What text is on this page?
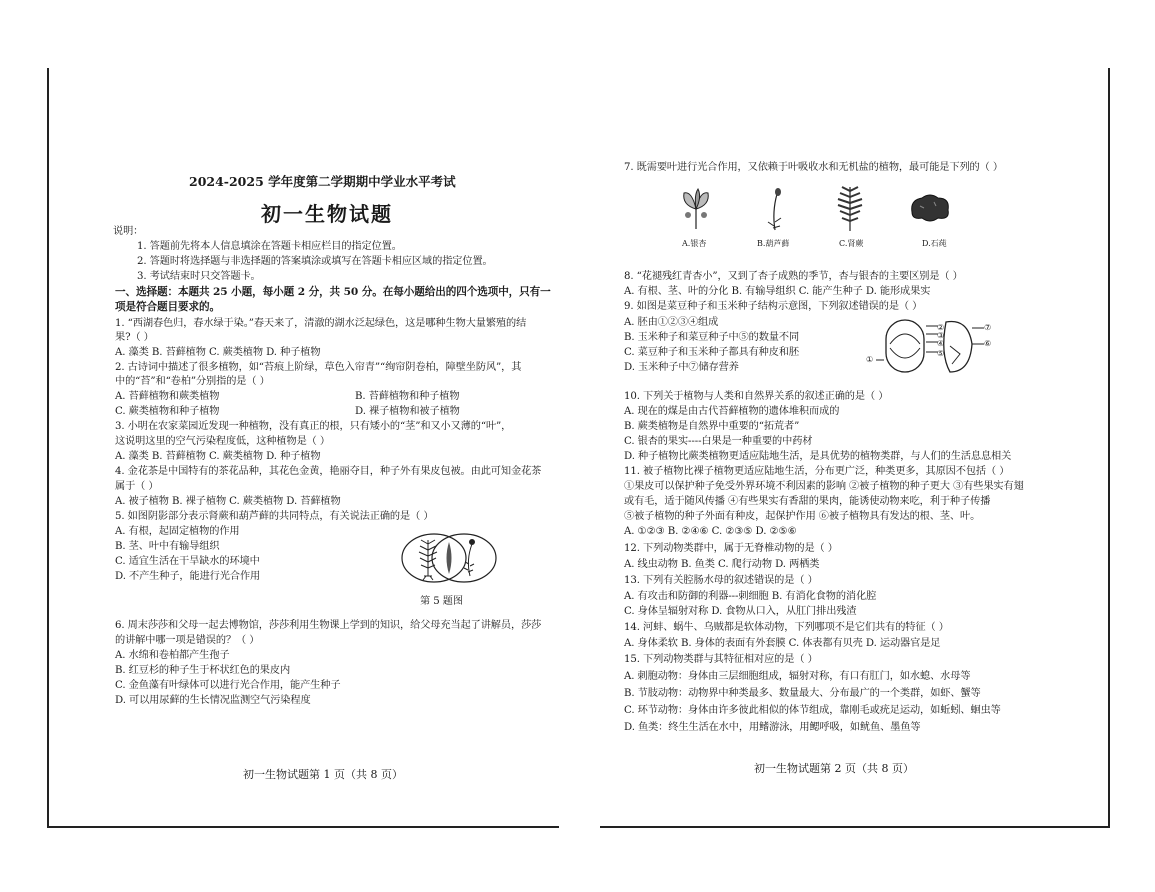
2024-2025 学年度第二学期期中学业水平考试
初一生物试题
说明：
1. 答题前先将本人信息填涂在答题卡相应栏目的指定位置。
2. 答题时将选择题与非选择题的答案填涂或填写在答题卡相应区域的指定位置。
3. 考试结束时只交答题卡。
一、选择题：本题共 25 小题，每小题 2 分，共 50 分。在每小题给出的四个选项中，只有一
项是符合题目要求的。
1. “西湖春色归，春水绿于染。”春天来了，清澈的湖水泛起绿色，这是哪种生物大量繁殖的结
果?（ ）
A. 藻类 B. 苔藓植物 C. 蕨类植物 D. 种子植物
2. 古诗词中描述了很多植物，如“苔痕上阶绿，草色入帘青”“绚帘阴卷柏，障壁坐防风”，其
中的“苔”和“卷柏”分别指的是（ ）
A. 苔藓植物和蕨类植物	B. 苔藓植物和种子植物
C. 蕨类植物和种子植物	D. 裸子植物和被子植物
3. 小明在农家菜园近发现一种植物，没有真正的根，只有矮小的“茎”和又小又薄的“叶”，
这说明这里的空气污染程度低，这种植物是（ ）
A. 藻类 B. 苔藓植物 C. 蕨类植物 D. 种子植物
4. 金花茶是中国特有的茶花品种，其花色金黄，艳丽夺目，种子外有果皮包被。由此可知金花茶
属于（ ）
A. 被子植物 B. 裸子植物 C. 蕨类植物 D. 苔藓植物
5. 如图阴影部分表示肾蕨和葫芦藓的共同特点，有关说法正确的是（ ）
A. 有根，起固定植物的作用
B. 茎、叶中有输导组织
C. 适宜生活在干旱缺水的环境中
D. 不产生种子，能进行光合作用
第 5 题图
6. 周末莎莎和父母一起去博物馆，莎莎利用生物课上学到的知识，给父母充当起了讲解员，莎莎
的讲解中哪一项是错误的？（ ）
A. 水绵和卷柏都产生孢子
B. 红豆杉的种子生于杯状红色的果皮内
C. 金鱼藻有叶绿体可以进行光合作用，能产生种子
D. 可以用尿藓的生长情况监测空气污染程度
初一生物试题第 1 页（共 8 页）
7. 既需要叶进行光合作用，又依赖于叶吸收水和无机盐的植物，最可能是下列的（ ）
A.银杏	B.葫芦藓	C.肾蕨	D.石莼
8. “花褪残红青杏小”，又到了杏子成熟的季节，杏与银杏的主要区别是（ ）
A. 有根、茎、叶的分化 B. 有输导组织 C. 能产生种子 D. 能形成果实
9. 如图是菜豆种子和玉米种子结构示意图，下列叙述错误的是（ ）
A. 胚由①②③④组成
B. 玉米种子和菜豆种子中⑤的数量不同
C. 菜豆种子和玉米种子都具有种皮和胚
D. 玉米种子中⑦储存营养
②
③
④
⑤
⑦
⑥
①
10. 下列关于植物与人类和自然界关系的叙述正确的是（ ）
A. 现在的煤是由古代苔藓植物的遗体堆积而成的
B. 蕨类植物是自然界中重要的“拓荒者”
C. 银杏的果实----白果是一种重要的中药材
D. 种子植物比蕨类植物更适应陆地生活，是具优势的植物类群，与人们的生活息息相关
11. 被子植物比裸子植物更适应陆地生活，分布更广泛，种类更多，其原因不包括（ ）
①果皮可以保护种子免受外界环境不利因素的影响 ②被子植物的种子更大 ③有些果实有翅
或有毛，适于随风传播 ④有些果实有香甜的果肉，能诱使动物来吃，利于种子传播
⑤被子植物的种子外面有种皮，起保护作用 ⑥被子植物具有发达的根、茎、叶。
A. ①②③ B. ②④⑥ C. ②③⑤ D. ②⑤⑥
12. 下列动物类群中，属于无脊椎动物的是（ ）
A. 线虫动物 B. 鱼类 C. 爬行动物 D. 两栖类
13. 下列有关腔肠水母的叙述错误的是（ ）
A. 有攻击和防御的利器---刺细胞 B. 有消化食物的消化腔
C. 身体呈辐射对称 D. 食物从口入，从肛门排出残渣
14. 河蚌、蜗牛、乌贼都是软体动物，下列哪项不是它们共有的特征（ ）
A. 身体柔软 B. 身体的表面有外套膜 C. 体表都有贝壳 D. 运动器官是足
15. 下列动物类群与其特征相对应的是（ ）
A. 刺胞动物：身体由三层细胞组成，辐射对称，有口有肛门，如水螅、水母等
B. 节肢动物：动物界中种类最多、数量最大、分布最广的一个类群，如虾、蟹等
C. 环节动物：身体由许多彼此相似的体节组成，靠刚毛或疣足运动，如蚯蚓、蛔虫等
D. 鱼类：终生生活在水中，用鳍游泳，用鳃呼吸，如鱿鱼、墨鱼等
初一生物试题第 2 页（共 8 页）
